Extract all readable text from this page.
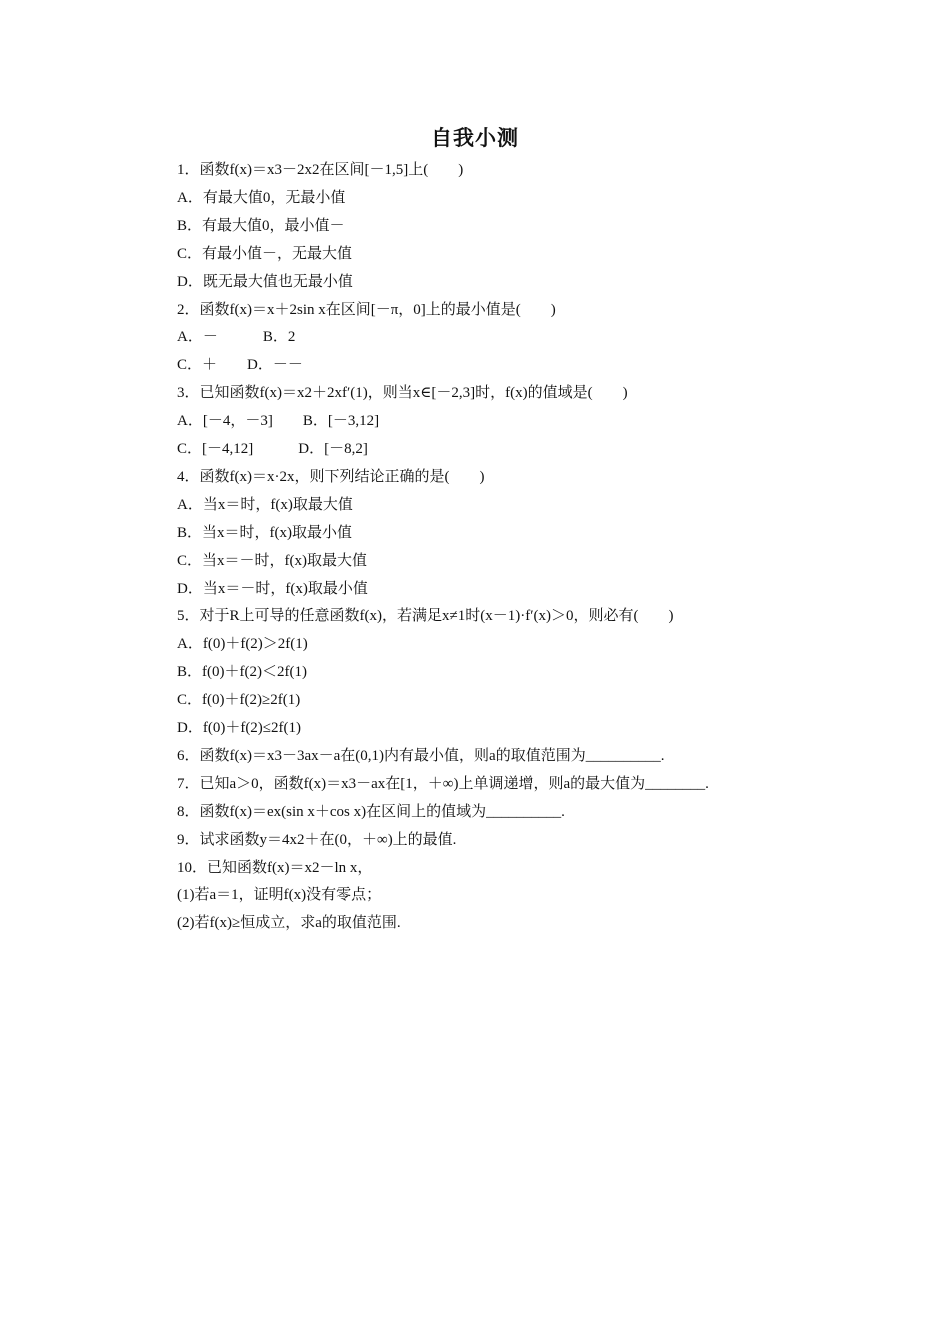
自我小测
1．函数f(x)＝x3－2x2在区间[－1,5]上(　　)
A．有最大值0，无最小值
B．有最大值0，最小值－
C．有最小值－，无最大值
D．既无最大值也无最小值
2．函数f(x)＝x＋2sin x在区间[－π，0]上的最小值是(　　)
A．－　　　B．2
C．＋　　D．－－
3．已知函数f(x)＝x2＋2xf′(1)，则当x∈[－2,3]时，f(x)的值域是(　　)
A．[－4，－3]　　B．[－3,12]
C．[－4,12]　　　D．[－8,2]
4．函数f(x)＝x·2x，则下列结论正确的是(　　)
A．当x＝时，f(x)取最大值
B．当x＝时，f(x)取最小值
C．当x＝－时，f(x)取最大值
D．当x＝－时，f(x)取最小值
5．对于R上可导的任意函数f(x)，若满足x≠1时(x－1)·f′(x)＞0，则必有(　　)
A．f(0)＋f(2)＞2f(1)
B．f(0)＋f(2)＜2f(1)
C．f(0)＋f(2)≥2f(1)
D．f(0)＋f(2)≤2f(1)
6．函数f(x)＝x3－3ax－a在(0,1)内有最小值，则a的取值范围为__________.
7．已知a＞0，函数f(x)＝x3－ax在[1，＋∞)上单调递增，则a的最大值为________.
8．函数f(x)＝ex(sin x＋cos x)在区间上的值域为__________.
9．试求函数y＝4x2＋在(0，＋∞)上的最值.
10．已知函数f(x)＝x2－ln x，
(1)若a＝1，证明f(x)没有零点；
(2)若f(x)≥恒成立，求a的取值范围.
